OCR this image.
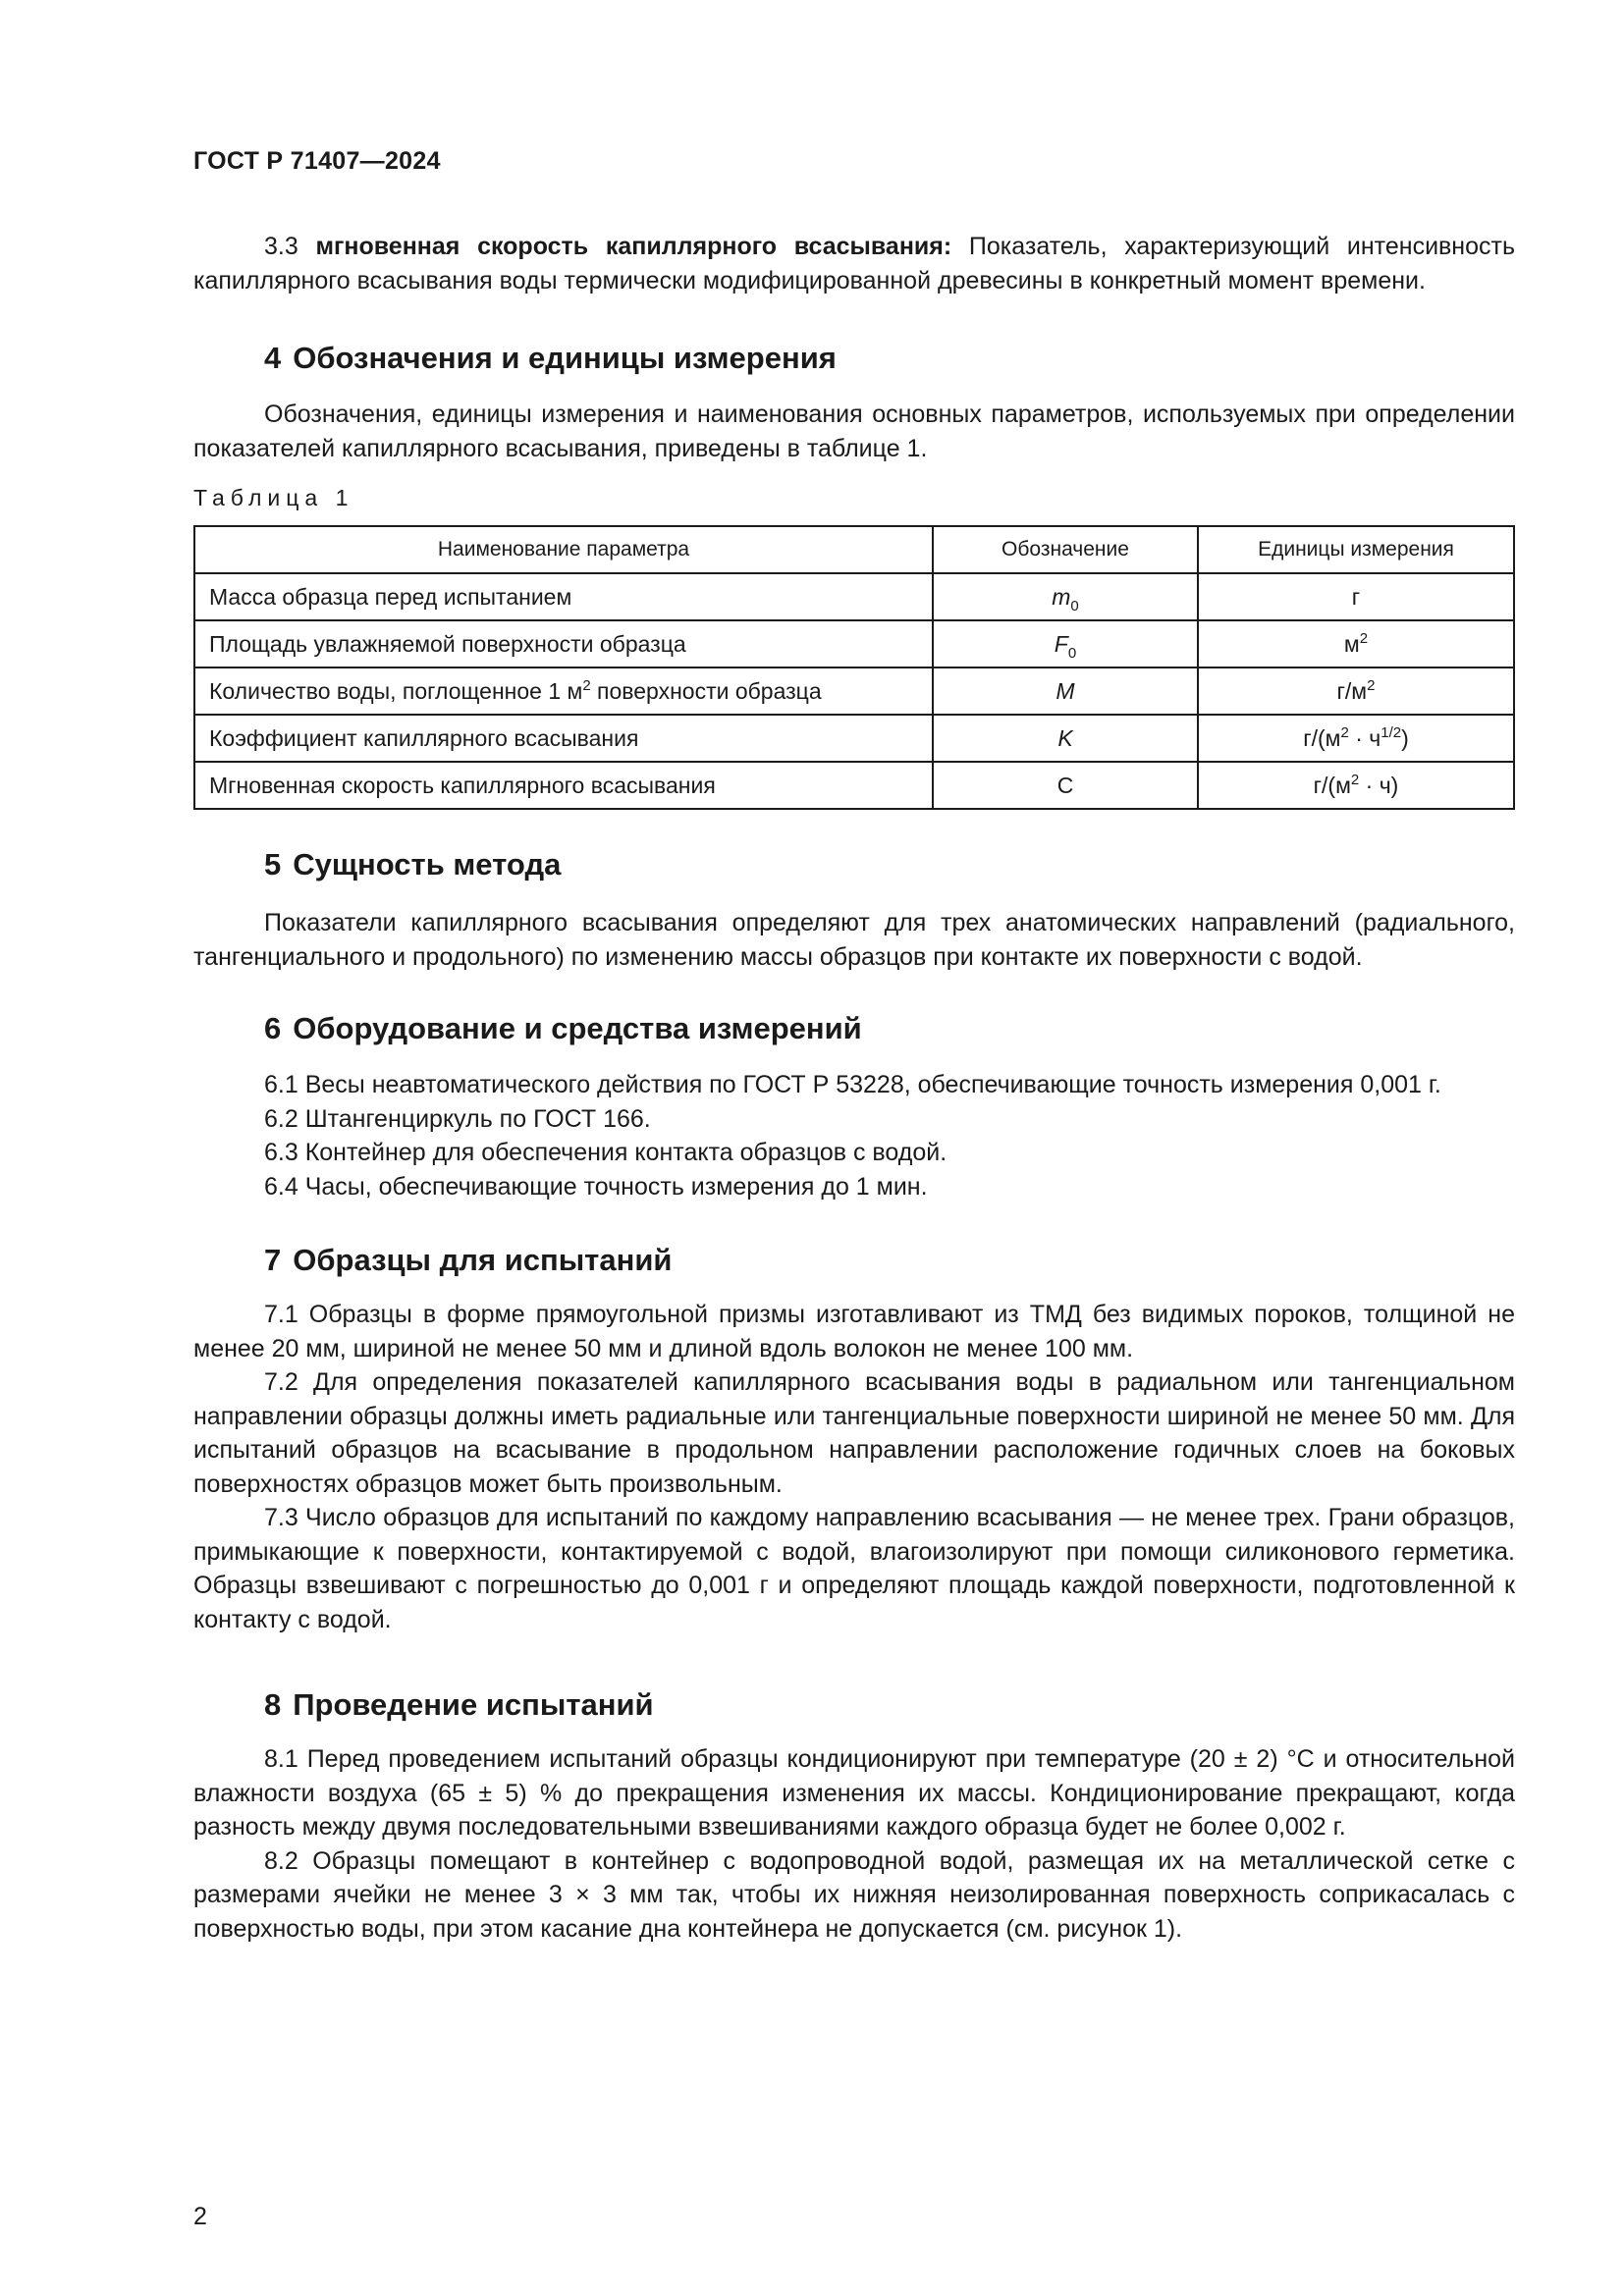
ГОСТ Р 71407—2024

3.3 мгновенная скорость капиллярного всасывания: Показатель, характеризующий интенсивность капиллярного всасывания воды термически модифицированной древесины в конкретный момент времени.

4 Обозначения и единицы измерения

Обозначения, единицы измерения и наименования основных параметров, используемых при определении показателей капиллярного всасывания, приведены в таблице 1.

Таблица 1
Наименование параметра	Обозначение	Единицы измерения
Масса образца перед испытанием	$m_0$	г
Площадь увлажняемой поверхности образца	$F_0$	$м^2$
Количество воды, поглощенное 1 $м^2$ поверхности образца	M	$г/м^2$
Коэффициент капиллярного всасывания	K	$г/(м^2 \cdot ч^{1/2})$
Мгновенная скорость капиллярного всасывания	С	$г/(м^2 \cdot ч)$
5 Сущность метода

Показатели капиллярного всасывания определяют для трех анатомических направлений (радиального, тангенциального и продольного) по изменению массы образцов при контакте их поверхности с водой.

6 Оборудование и средства измерений

6.1 Весы неавтоматического действия по ГОСТ Р 53228, обеспечивающие точность измерения 0,001 г.

6.2 Штангенциркуль по ГОСТ 166.

6.3 Контейнер для обеспечения контакта образцов с водой.

6.4 Часы, обеспечивающие точность измерения до 1 мин.

7 Образцы для испытаний

7.1 Образцы в форме прямоугольной призмы изготавливают из ТМД без видимых пороков, толщиной не менее 20 мм, шириной не менее 50 мм и длиной вдоль волокон не менее 100 мм.

7.2 Для определения показателей капиллярного всасывания воды в радиальном или тангенциальном направлении образцы должны иметь радиальные или тангенциальные поверхности шириной не менее 50 мм. Для испытаний образцов на всасывание в продольном направлении расположение годичных слоев на боковых поверхностях образцов может быть произвольным.

7.3 Число образцов для испытаний по каждому направлению всасывания — не менее трех. Грани образцов, примыкающие к поверхности, контактируемой с водой, влагоизолируют при помощи силиконового герметика. Образцы взвешивают с погрешностью до 0,001 г и определяют площадь каждой поверхности, подготовленной к контакту с водой.

8 Проведение испытаний

8.1 Перед проведением испытаний образцы кондиционируют при температуре (20 ± 2) °С и относительной влажности воздуха (65 ± 5) % до прекращения изменения их массы. Кондиционирование прекращают, когда разность между двумя последовательными взвешиваниями каждого образца будет не более 0,002 г.

8.2 Образцы помещают в контейнер с водопроводной водой, размещая их на металлической сетке с размерами ячейки не менее 3 × 3 мм так, чтобы их нижняя неизолированная поверхность соприкасалась с поверхностью воды, при этом касание дна контейнера не допускается (см. рисунок 1).

2
